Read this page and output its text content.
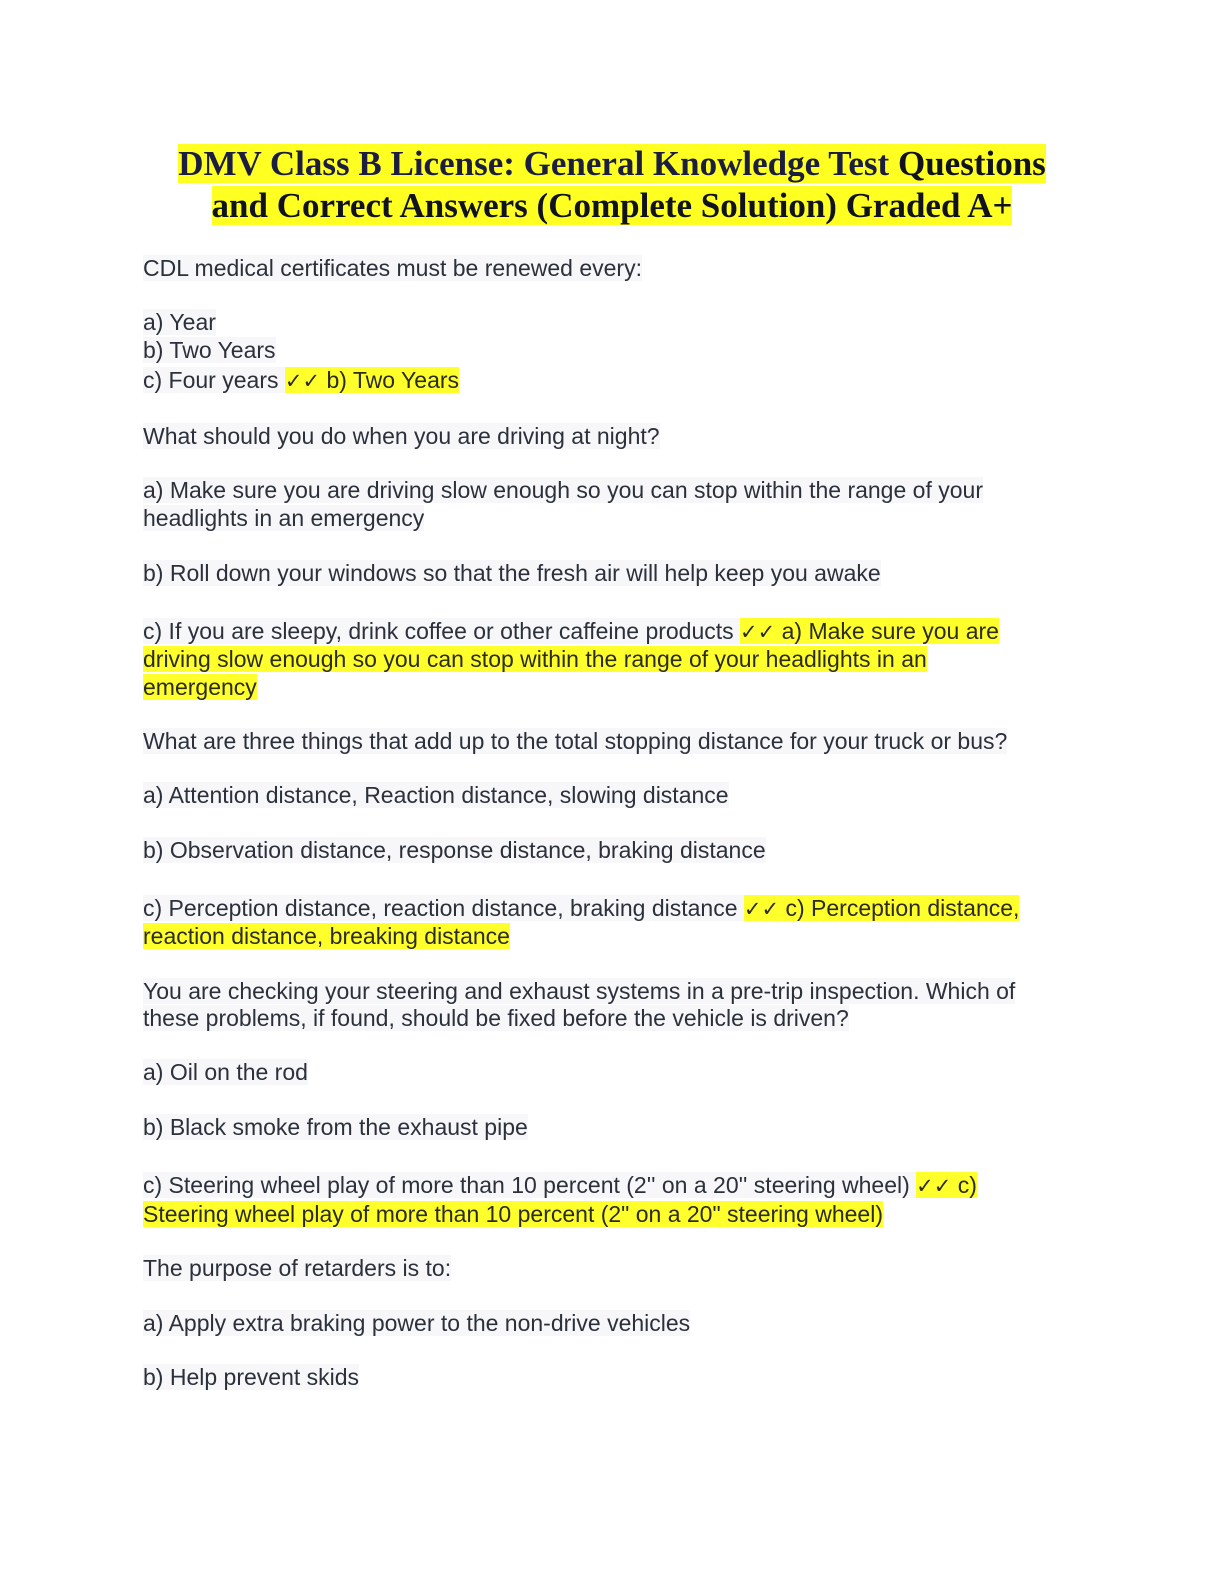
DMV Class B License: General Knowledge Test Questions
and Correct Answers (Complete Solution) Graded A+
CDL medical certificates must be renewed every:
a) Year
b) Two Years
c) Four years ✓✓ b) Two Years
What should you do when you are driving at night?
a) Make sure you are driving slow enough so you can stop within the range of your
headlights in an emergency
b) Roll down your windows so that the fresh air will help keep you awake
c) If you are sleepy, drink coffee or other caffeine products ✓✓ a) Make sure you are
driving slow enough so you can stop within the range of your headlights in an
emergency
What are three things that add up to the total stopping distance for your truck or bus?
a) Attention distance, Reaction distance, slowing distance
b) Observation distance, response distance, braking distance
c) Perception distance, reaction distance, braking distance ✓✓ c) Perception distance,
reaction distance, breaking distance
You are checking your steering and exhaust systems in a pre-trip inspection. Which of
these problems, if found, should be fixed before the vehicle is driven?
a) Oil on the rod
b) Black smoke from the exhaust pipe
c) Steering wheel play of more than 10 percent (2'' on a 20'' steering wheel) ✓✓ c)
Steering wheel play of more than 10 percent (2" on a 20" steering wheel)
The purpose of retarders is to:
a) Apply extra braking power to the non-drive vehicles
b) Help prevent skids
